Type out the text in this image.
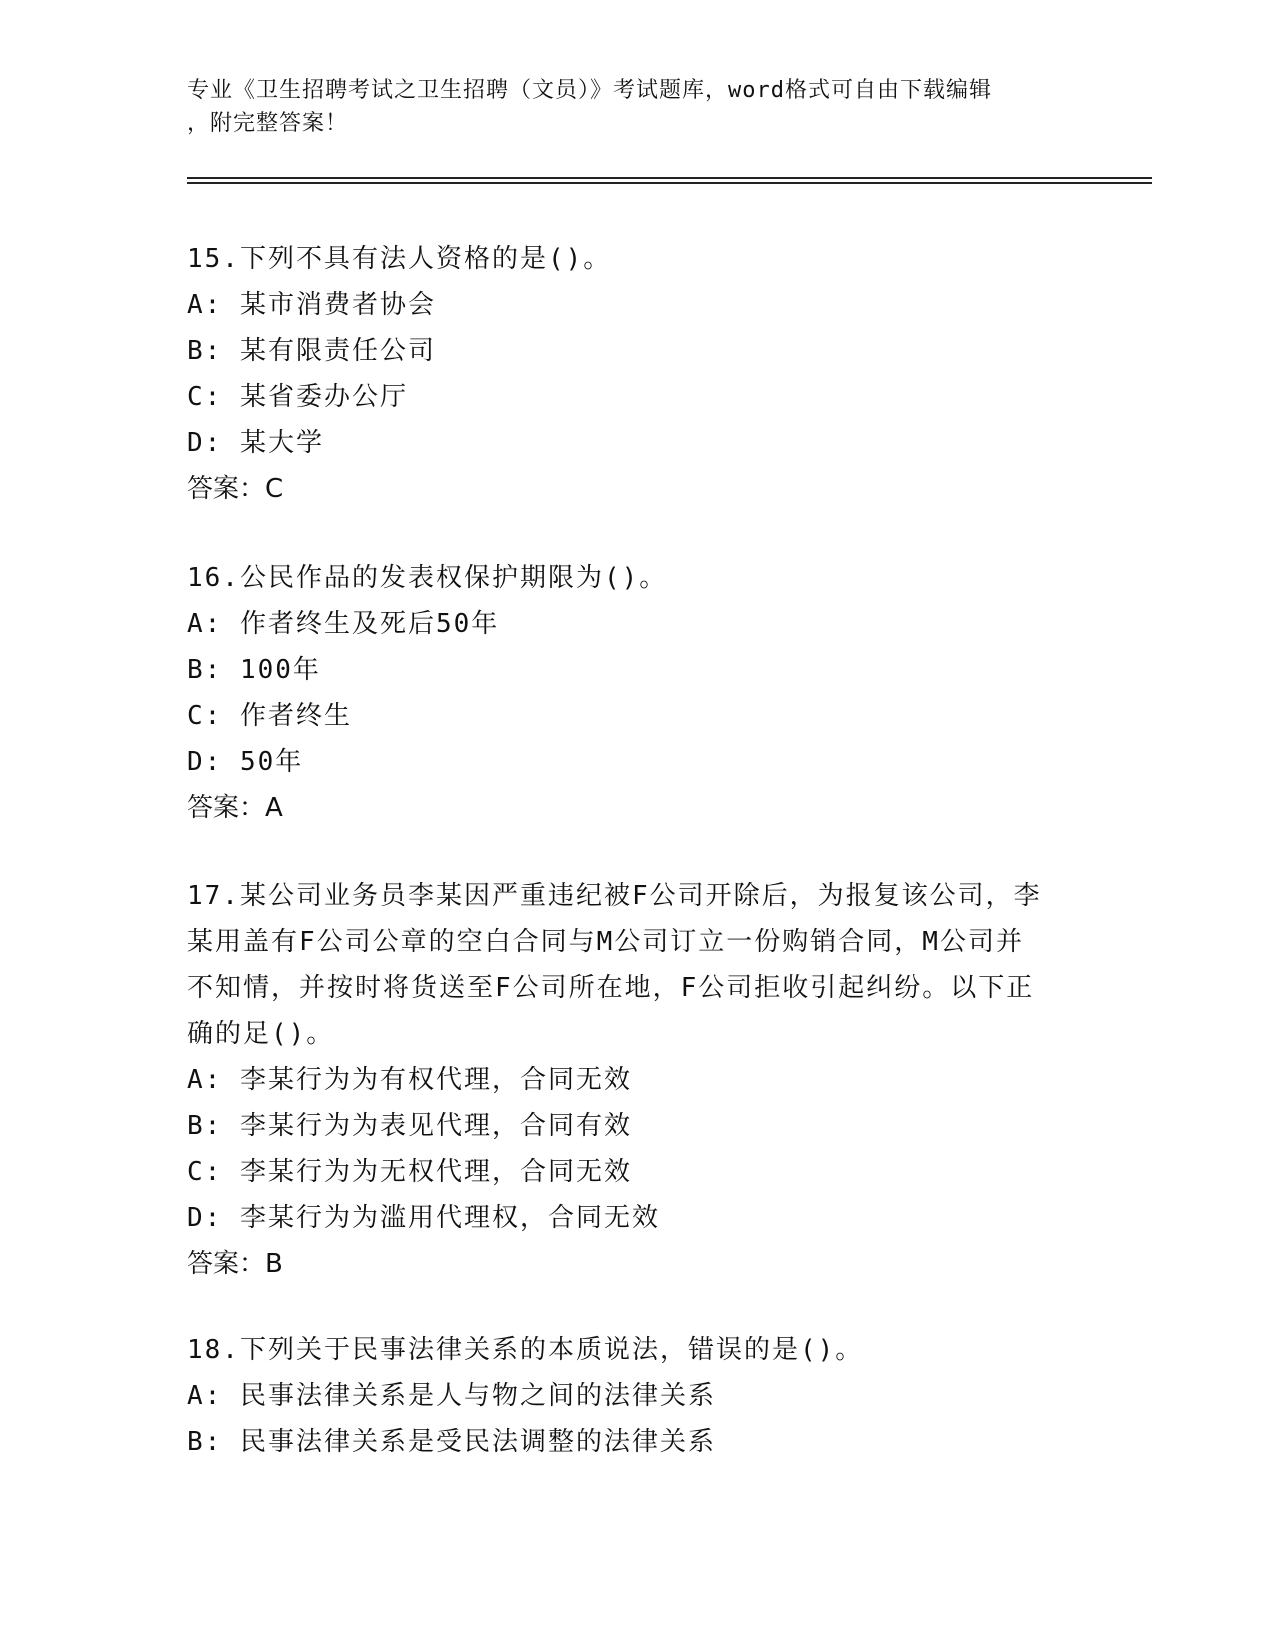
专业《卫生招聘考试之卫生招聘（文员）》考试题库，word格式可自由下载编辑
，附完整答案！

15.下列不具有法人资格的是()。

A: 某市消费者协会

B: 某有限责任公司

C: 某省委办公厅

D: 某大学

答案：C

16.公民作品的发表权保护期限为()。

A: 作者终生及死后50年

B: 100年

C: 作者终生

D: 50年

答案：A

17.某公司业务员李某因严重违纪被F公司开除后，为报复该公司，李

某用盖有F公司公章的空白合同与M公司订立一份购销合同，M公司并

不知情，并按时将货送至F公司所在地，F公司拒收引起纠纷。以下正

确的足()。

A: 李某行为为有权代理，合同无效

B: 李某行为为表见代理，合同有效

C: 李某行为为无权代理，合同无效

D: 李某行为为滥用代理权，合同无效

答案：B

18.下列关于民事法律关系的本质说法，错误的是()。

A: 民事法律关系是人与物之间的法律关系

B: 民事法律关系是受民法调整的法律关系
